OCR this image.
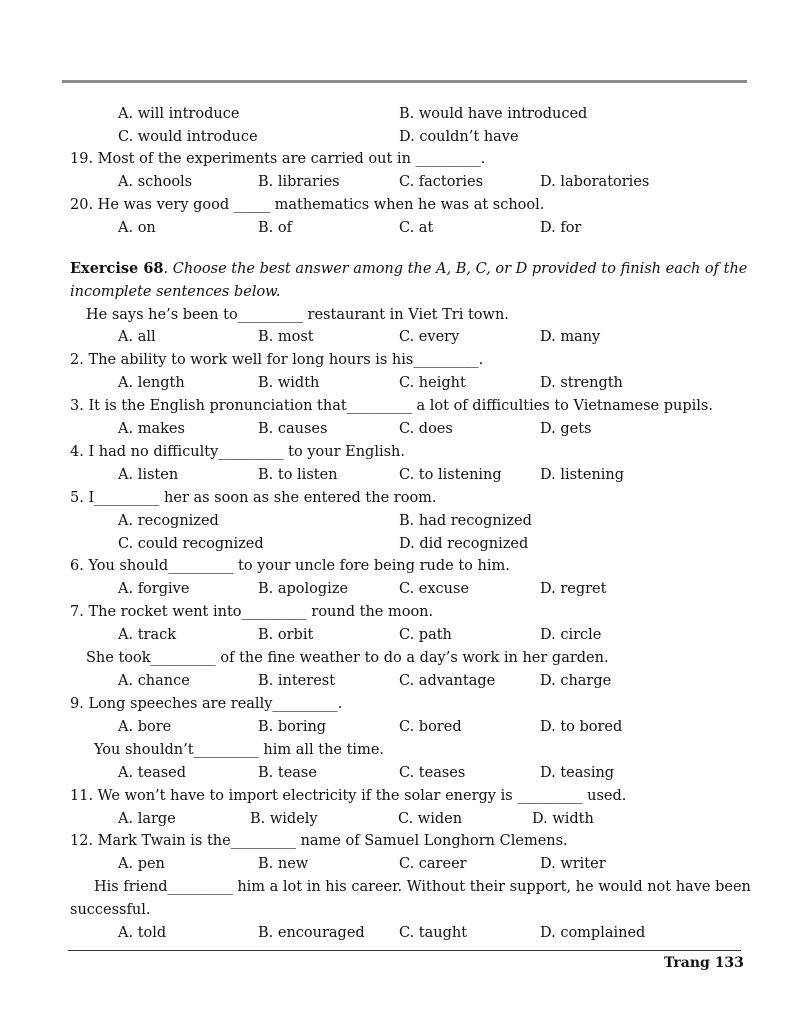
A. will introduce	B. would have introduced
C. would introduce	D. couldn’t have
19. Most of the experiments are carried out in _________.
A. schools	B. libraries	C. factories	D. laboratories
20. He was very good _____ mathematics when he was at school.
A. on	B. of	C. at	D. for
Exercise 68. Choose the best answer among the A, B, C, or D provided to finish each of the
incomplete sentences below.
He says he’s been to_________ restaurant in Viet Tri town.
A. all	B. most	C. every	D. many
2. The ability to work well for long hours is his_________.
A. length	B. width	C. height	D. strength
3. It is the English pronunciation that_________ a lot of difficulties to Vietnamese pupils.
A. makes	B. causes	C. does	D. gets
4. I had no difficulty_________ to your English.
A. listen	B. to listen	C. to listening	D. listening
5. I_________ her as soon as she entered the room.
A. recognized	B. had recognized
C. could recognized	D. did recognized
6. You should_________ to your uncle fore being rude to him.
A. forgive	B. apologize	C. excuse	D. regret
7. The rocket went into_________ round the moon.
A. track	B. orbit	C. path	D. circle
She took_________ of the fine weather to do a day’s work in her garden.
A. chance	B. interest	C. advantage	D. charge
9. Long speeches are really_________.
A. bore	B. boring	C. bored	D. to bored
You shouldn’t_________ him all the time.
A. teased	B. tease	C. teases	D. teasing
11. We won’t have to import electricity if the solar energy is _________ used.
A. large	B. widely	C. widen	D. width
12. Mark Twain is the_________ name of Samuel Longhorn Clemens.
A. pen	B. new	C. career	D. writer
His friend_________ him a lot in his career. Without their support, he would not have been
successful.
A. told	B. encouraged C. taught	D. complained
Trang 133
